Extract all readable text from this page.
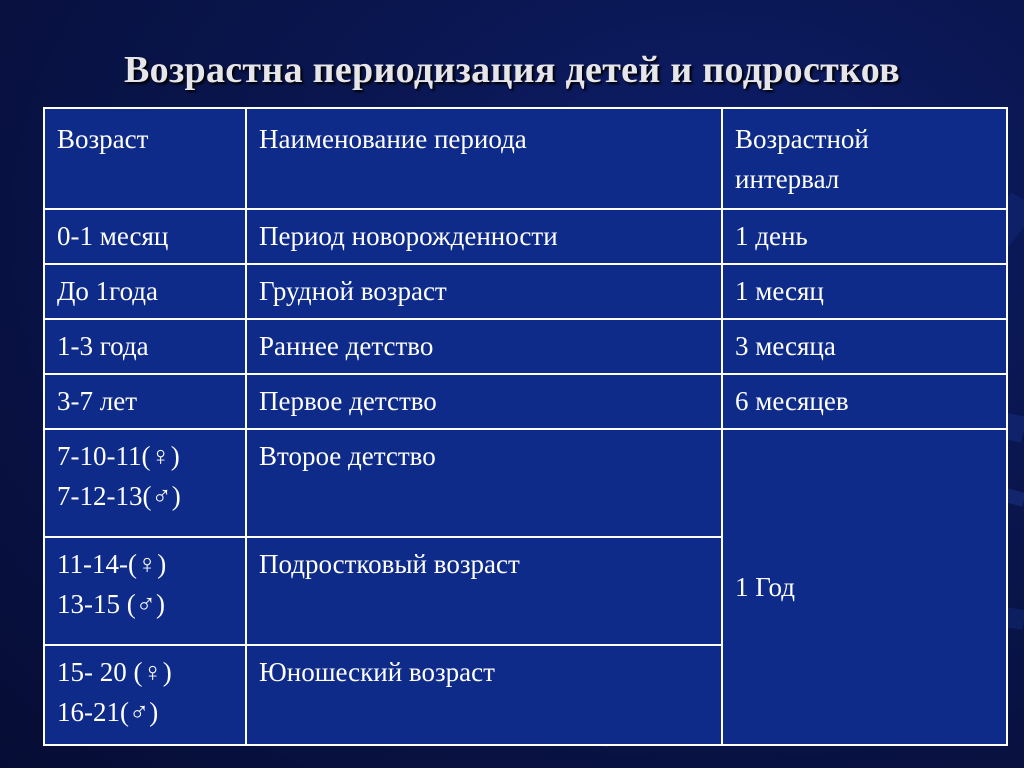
Возрастна периодизация детей и подростков
Возраст	Наименование периода	Возрастной интервал

0-1 месяц	Период новорожденности	1 день
До 1года	Грудной возраст	1 месяц
1-3 года	Раннее детство	3 месяца
3-7 лет	Первое детство	6 месяцев

7-10-11(♀)
7-12-13(♂)	Второе детство	1 Год

11-14-(♀)
13-15 (♂)	Подростковый возраст	

15- 20 (♀)
16-21(♂)	Юношеский возраст	
